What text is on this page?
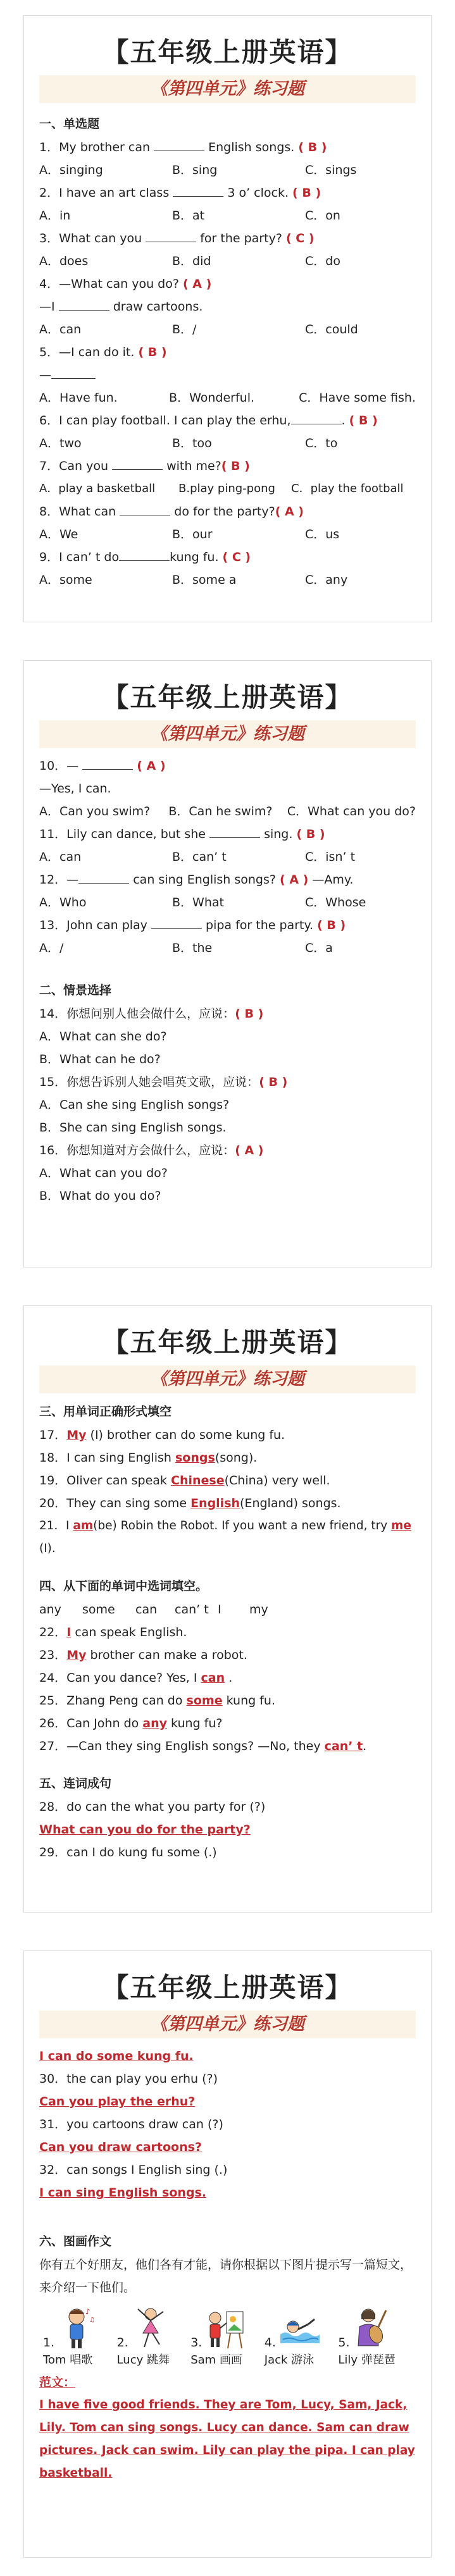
【五年级上册英语】
《第四单元》练习题
一、单选题
1．My brother can	English songs. ( B )
A．singing	B．sing	C．sings
2．I have an art class	3 o’ clock. ( B )
A．in	B．at	C．on
3．What can you	for the party? ( C )
A．does	B．did	C．do
4．—What can you do? ( A )
—I	draw cartoons.
A．can	B．/	C．could
5．—I can do it. ( B )
—
A．Have fun.	B．Wonderful.	C．Have some fish.
6．I can play football. I can play the erhu,	. ( B )
A．two	B．too	C．to
7．Can you	with me?( B )
A．play a basketball	B.play ping-pong	C．play the football
8．What can	do for the party?( A )
A．We	B．our	C．us
9．I can’ t do	kung fu. ( C )
A．some	B．some a	C．any
【五年级上册英语】
《第四单元》练习题
10．—	( A )
—Yes, I can.
A．Can you swim?	B．Can he swim?	C．What can you do?
11．Lily can dance, but she	sing. ( B )
A．can	B．can’ t	C．isn’ t
12．—	can sing English songs? ( A ) —Amy.
A．Who	B．What	C．Whose
13．John can play	pipa for the party. ( B )
A．/	B．the	C．a
二、情景选择
14．你想问别人他会做什么，应说：( B )
A．What can she do?
B．What can he do?
15．你想告诉别人她会唱英文歌，应说：( B )
A．Can she sing English songs?
B．She can sing English songs.
16．你想知道对方会做什么，应说：( A )
A．What can you do?
B．What do you do?
【五年级上册英语】
《第四单元》练习题
三、用单词正确形式填空
17．My (I) brother can do some kung fu.
18．I can sing English songs(song).
19．Oliver can speak Chinese(China) very well.
20．They can sing some English(England) songs.
21．I am(be) Robin the Robot. If you want a new friend, try me (I).
四、从下面的单词中选词填空。
any some can can’ t I my
22．I can speak English.
23．My brother can make a robot.
24．Can you dance? Yes, I can .
25．Zhang Peng can do some kung fu.
26．Can John do any kung fu?
27．—Can they sing English songs? —No, they can’ t.
五、连词成句
28．do can the what you party for (?)
What can you do for the party?
29．can I do kung fu some (.)
【五年级上册英语】
《第四单元》练习题
I can do some kung fu.
30．the can play you erhu (?)
Can you play the erhu?
31．you cartoons draw can (?)
Can you draw cartoons?
32．can songs I English sing (.)
I can sing English songs.
六、图画作文
你有五个好朋友，他们各有才能，请你根据以下图片提示写一篇短文，来介绍一下他们。
1.
♪
♫
Tom 唱歌
2.
Lucy 跳舞
3.
Sam 画画
4.
Jack 游泳
5.
Lily 弹琵琶
范文：
I have five good friends. They are Tom, Lucy, Sam, Jack, Lily. Tom can sing songs. Lucy can dance. Sam can draw pictures. Jack can swim. Lily can play the pipa. I can play basketball.
